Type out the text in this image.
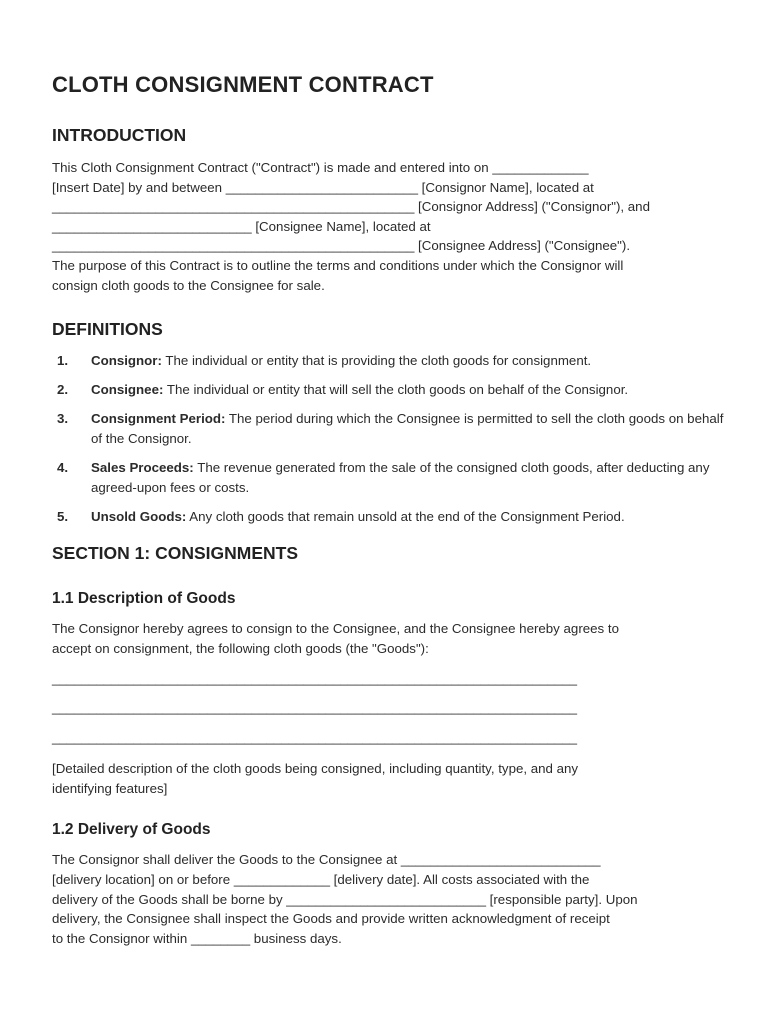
CLOTH CONSIGNMENT CONTRACT
INTRODUCTION

This Cloth Consignment Contract ("Contract") is made and entered into on _____________
[Insert Date] by and between __________________________ [Consignor Name], located at
_________________________________________________ [Consignor Address] ("Consignor"), and
___________________________ [Consignee Name], located at
_________________________________________________ [Consignee Address] ("Consignee").
The purpose of this Contract is to outline the terms and conditions under which the Consignor will
consign cloth goods to the Consignee for sale.

DEFINITIONS
1. Consignor: The individual or entity that is providing the cloth goods for consignment.
2. Consignee: The individual or entity that will sell the cloth goods on behalf of the Consignor.
3. Consignment Period: The period during which the Consignee is permitted to sell the cloth goods on behalf of the Consignor.
4. Sales Proceeds: The revenue generated from the sale of the consigned cloth goods, after deducting any agreed-upon fees or costs.
5. Unsold Goods: Any cloth goods that remain unsold at the end of the Consignment Period.
SECTION 1: CONSIGNMENTS
1.1 Description of Goods

The Consignor hereby agrees to consign to the Consignee, and the Consignee hereby agrees to
accept on consignment, the following cloth goods (the "Goods"):

_______________________________________________________________________

_______________________________________________________________________

_______________________________________________________________________

[Detailed description of the cloth goods being consigned, including quantity, type, and any
identifying features]

1.2 Delivery of Goods

The Consignor shall deliver the Goods to the Consignee at ___________________________
[delivery location] on or before _____________ [delivery date]. All costs associated with the
delivery of the Goods shall be borne by ___________________________ [responsible party]. Upon
delivery, the Consignee shall inspect the Goods and provide written acknowledgment of receipt
to the Consignor within ________ business days.
